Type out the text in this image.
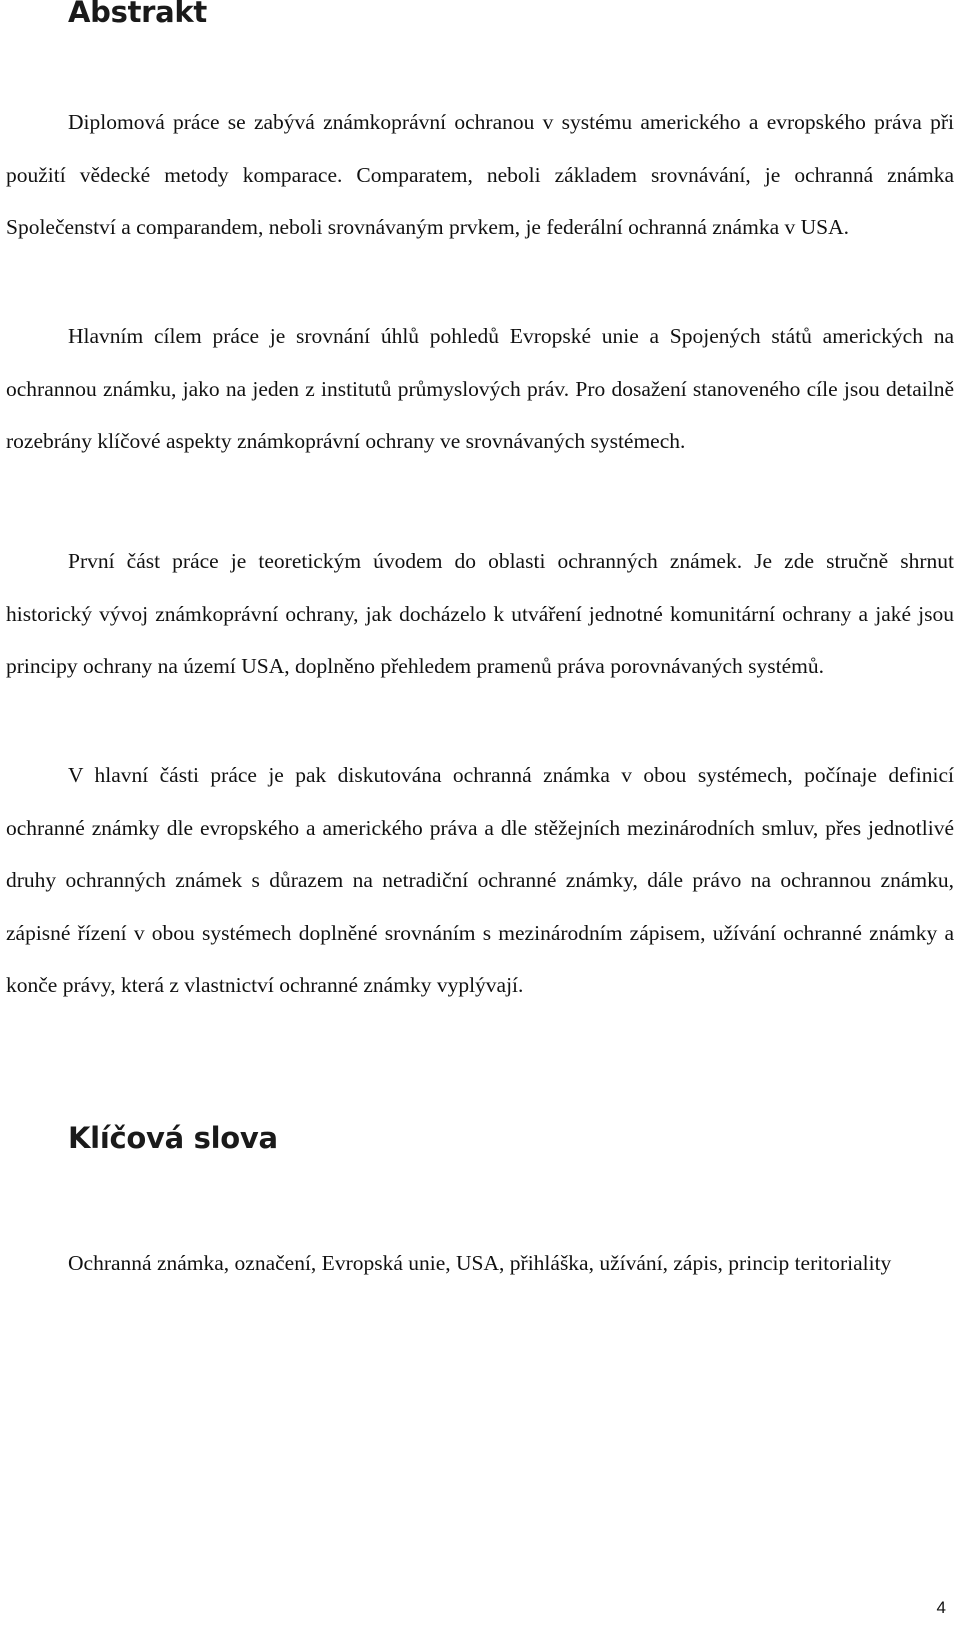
Abstrakt

Diplomová práce se zabývá známkoprávní ochranou v systému amerického a evropského práva při použití vědecké metody komparace. Comparatem, neboli základem srovnávání, je ochranná známka Společenství a comparandem, neboli srovnávaným prvkem, je federální ochranná známka v USA.

Hlavním cílem práce je srovnání úhlů pohledů Evropské unie a Spojených států amerických na ochrannou známku, jako na jeden z institutů průmyslových práv. Pro dosažení stanoveného cíle jsou detailně rozebrány klíčové aspekty známkoprávní ochrany ve srovnávaných systémech.

První část práce je teoretickým úvodem do oblasti ochranných známek. Je zde stručně shrnut historický vývoj známkoprávní ochrany, jak docházelo k utváření jednotné komunitární ochrany a jaké jsou principy ochrany na území USA, doplněno přehledem pramenů práva porovnávaných systémů.

V hlavní části práce je pak diskutována ochranná známka v obou systémech, počínaje definicí ochranné známky dle evropského a amerického práva a dle stěžejních mezinárodních smluv, přes jednotlivé druhy ochranných známek s důrazem na netradiční ochranné známky, dále právo na ochrannou známku, zápisné řízení v obou systémech doplněné srovnáním s mezinárodním zápisem, užívání ochranné známky a konče právy, která z vlastnictví ochranné známky vyplývají.

Klíčová slova

Ochranná známka, označení, Evropská unie, USA, přihláška, užívání, zápis, princip teritoriality

4
